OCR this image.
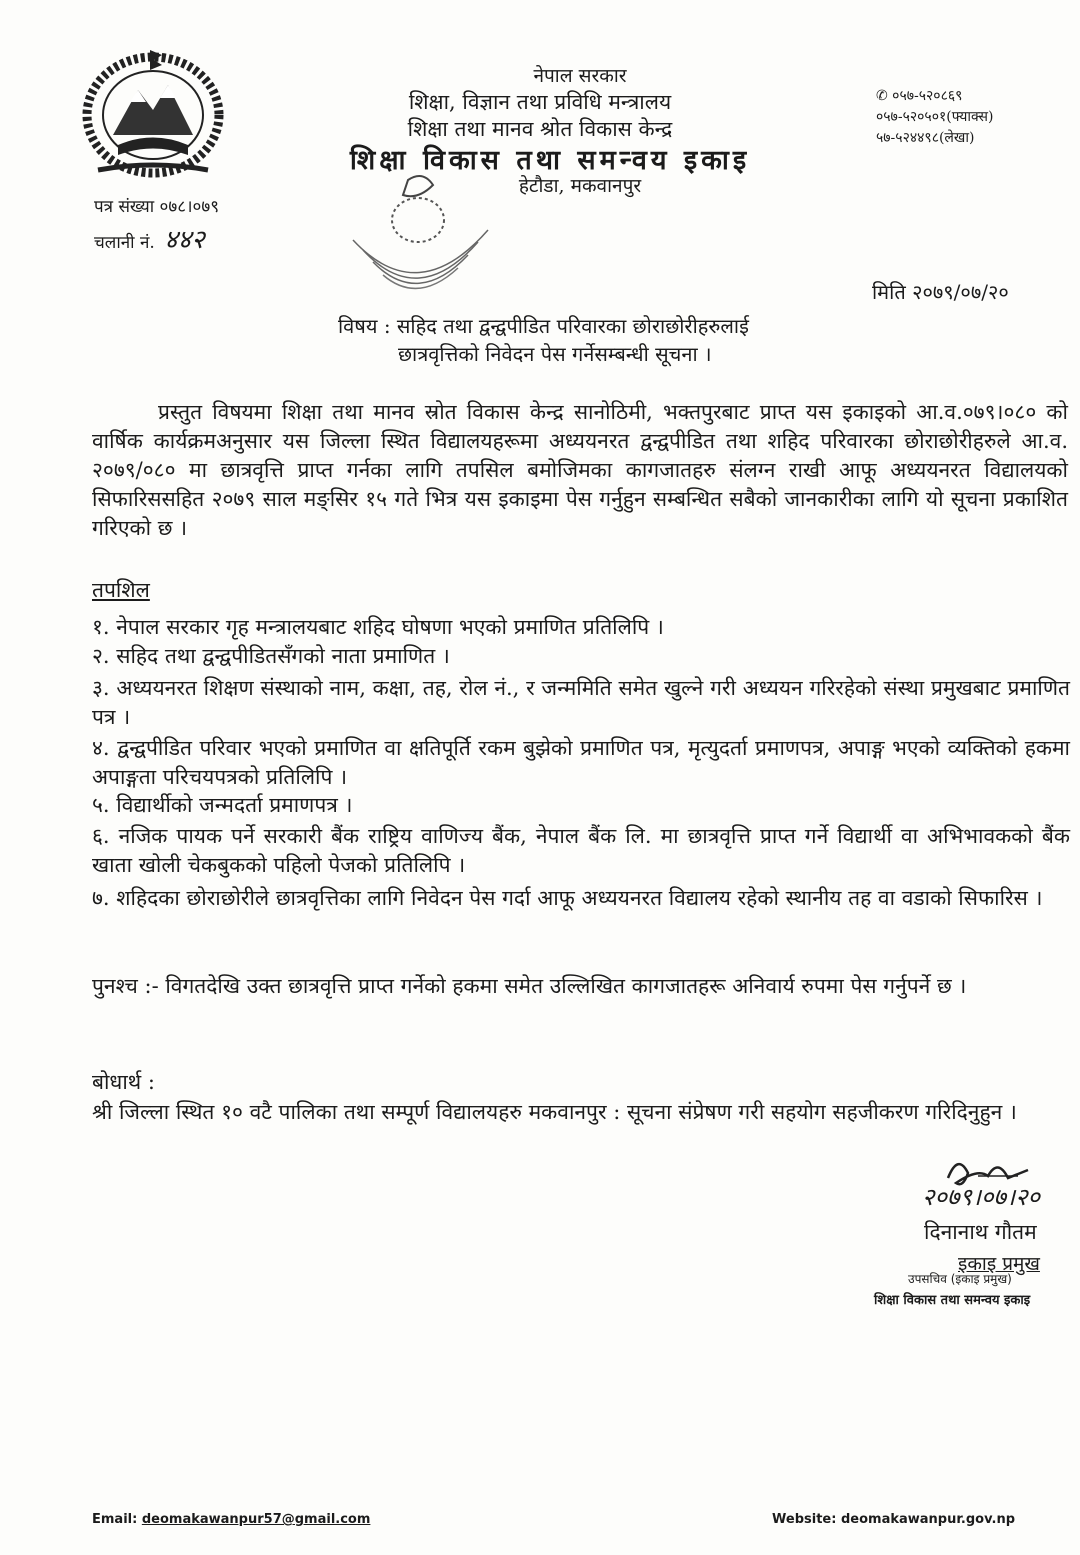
नेपाल सरकार
शिक्षा, विज्ञान तथा प्रविधि मन्त्रालय
शिक्षा तथा मानव श्रोत विकास केन्द्र
शिक्षा विकास तथा समन्वय इकाइ
हेटौडा, मकवानपुर
✆ ०५७-५२०८६९
०५७-५२०५०१(फ्याक्स)
५७-५२४४९८(लेखा)
पत्र संख्या ०७८।०७९
चलानी नं. ४४२
मिति २०७९/०७/२०
विषय : सहिद तथा द्वन्द्वपीडित परिवारका छोराछोरीहरुलाई
छात्रवृत्तिको निवेदन पेस गर्नेसम्बन्धी सूचना ।
प्रस्तुत विषयमा शिक्षा तथा मानव स्रोत विकास केन्द्र सानोठिमी, भक्तपुरबाट प्राप्त यस इकाइको आ.व.०७९।०८० को वार्षिक कार्यक्रमअनुसार यस जिल्ला स्थित विद्यालयहरूमा अध्ययनरत द्वन्द्वपीडित तथा शहिद परिवारका छोराछोरीहरुले आ.व. २०७९/०८० मा छात्रवृत्ति प्राप्त गर्नका लागि तपसिल बमोजिमका कागजातहरु संलग्न राखी आफू अध्ययनरत विद्यालयको सिफारिससहित २०७९ साल मङ्सिर १५ गते भित्र यस इकाइमा पेस गर्नुहुन सम्बन्धित सबैको जानकारीका लागि यो सूचना प्रकाशित गरिएको छ ।
तपशिल
१. नेपाल सरकार गृह मन्त्रालयबाट शहिद घोषणा भएको प्रमाणित प्रतिलिपि ।
२. सहिद तथा द्वन्द्वपीडितसँगको नाता प्रमाणित ।
३. अध्ययनरत शिक्षण संस्थाको नाम, कक्षा, तह, रोल नं., र जन्ममिति समेत खुल्ने गरी अध्ययन गरिरहेको संस्था प्रमुखबाट प्रमाणित पत्र ।
४. द्वन्द्वपीडित परिवार भएको प्रमाणित वा क्षतिपूर्ति रकम बुझेको प्रमाणित पत्र, मृत्युदर्ता प्रमाणपत्र, अपाङ्ग भएको व्यक्तिको हकमा अपाङ्गता परिचयपत्रको प्रतिलिपि ।
५. विद्यार्थीको जन्मदर्ता प्रमाणपत्र ।
६. नजिक पायक पर्ने सरकारी बैंक राष्ट्रिय वाणिज्य बैंक, नेपाल बैंक लि. मा छात्रवृत्ति प्राप्त गर्ने विद्यार्थी वा अभिभावकको बैंक खाता खोली चेकबुकको पहिलो पेजको प्रतिलिपि ।
७. शहिदका छोराछोरीले छात्रवृत्तिका लागि निवेदन पेस गर्दा आफू अध्ययनरत विद्यालय रहेको स्थानीय तह वा वडाको सिफारिस ।
पुनश्च :- विगतदेखि उक्त छात्रवृत्ति प्राप्त गर्नेको हकमा समेत उल्लिखित कागजातहरू अनिवार्य रुपमा पेस गर्नुपर्ने छ ।
बोधार्थ :
श्री जिल्ला स्थित १० वटै पालिका तथा सम्पूर्ण विद्यालयहरु मकवानपुर : सूचना संप्रेषण गरी सहयोग सहजीकरण गरिदिनुहुन ।
२०७९।०७।२०
दिनानाथ गौतम
इकाइ प्रमुख
उपसचिव (इकाइ प्रमुख)
शिक्षा विकास तथा समन्वय इकाइ
Email: deomakawanpur57@gmail.com	Website: deomakawanpur.gov.np
